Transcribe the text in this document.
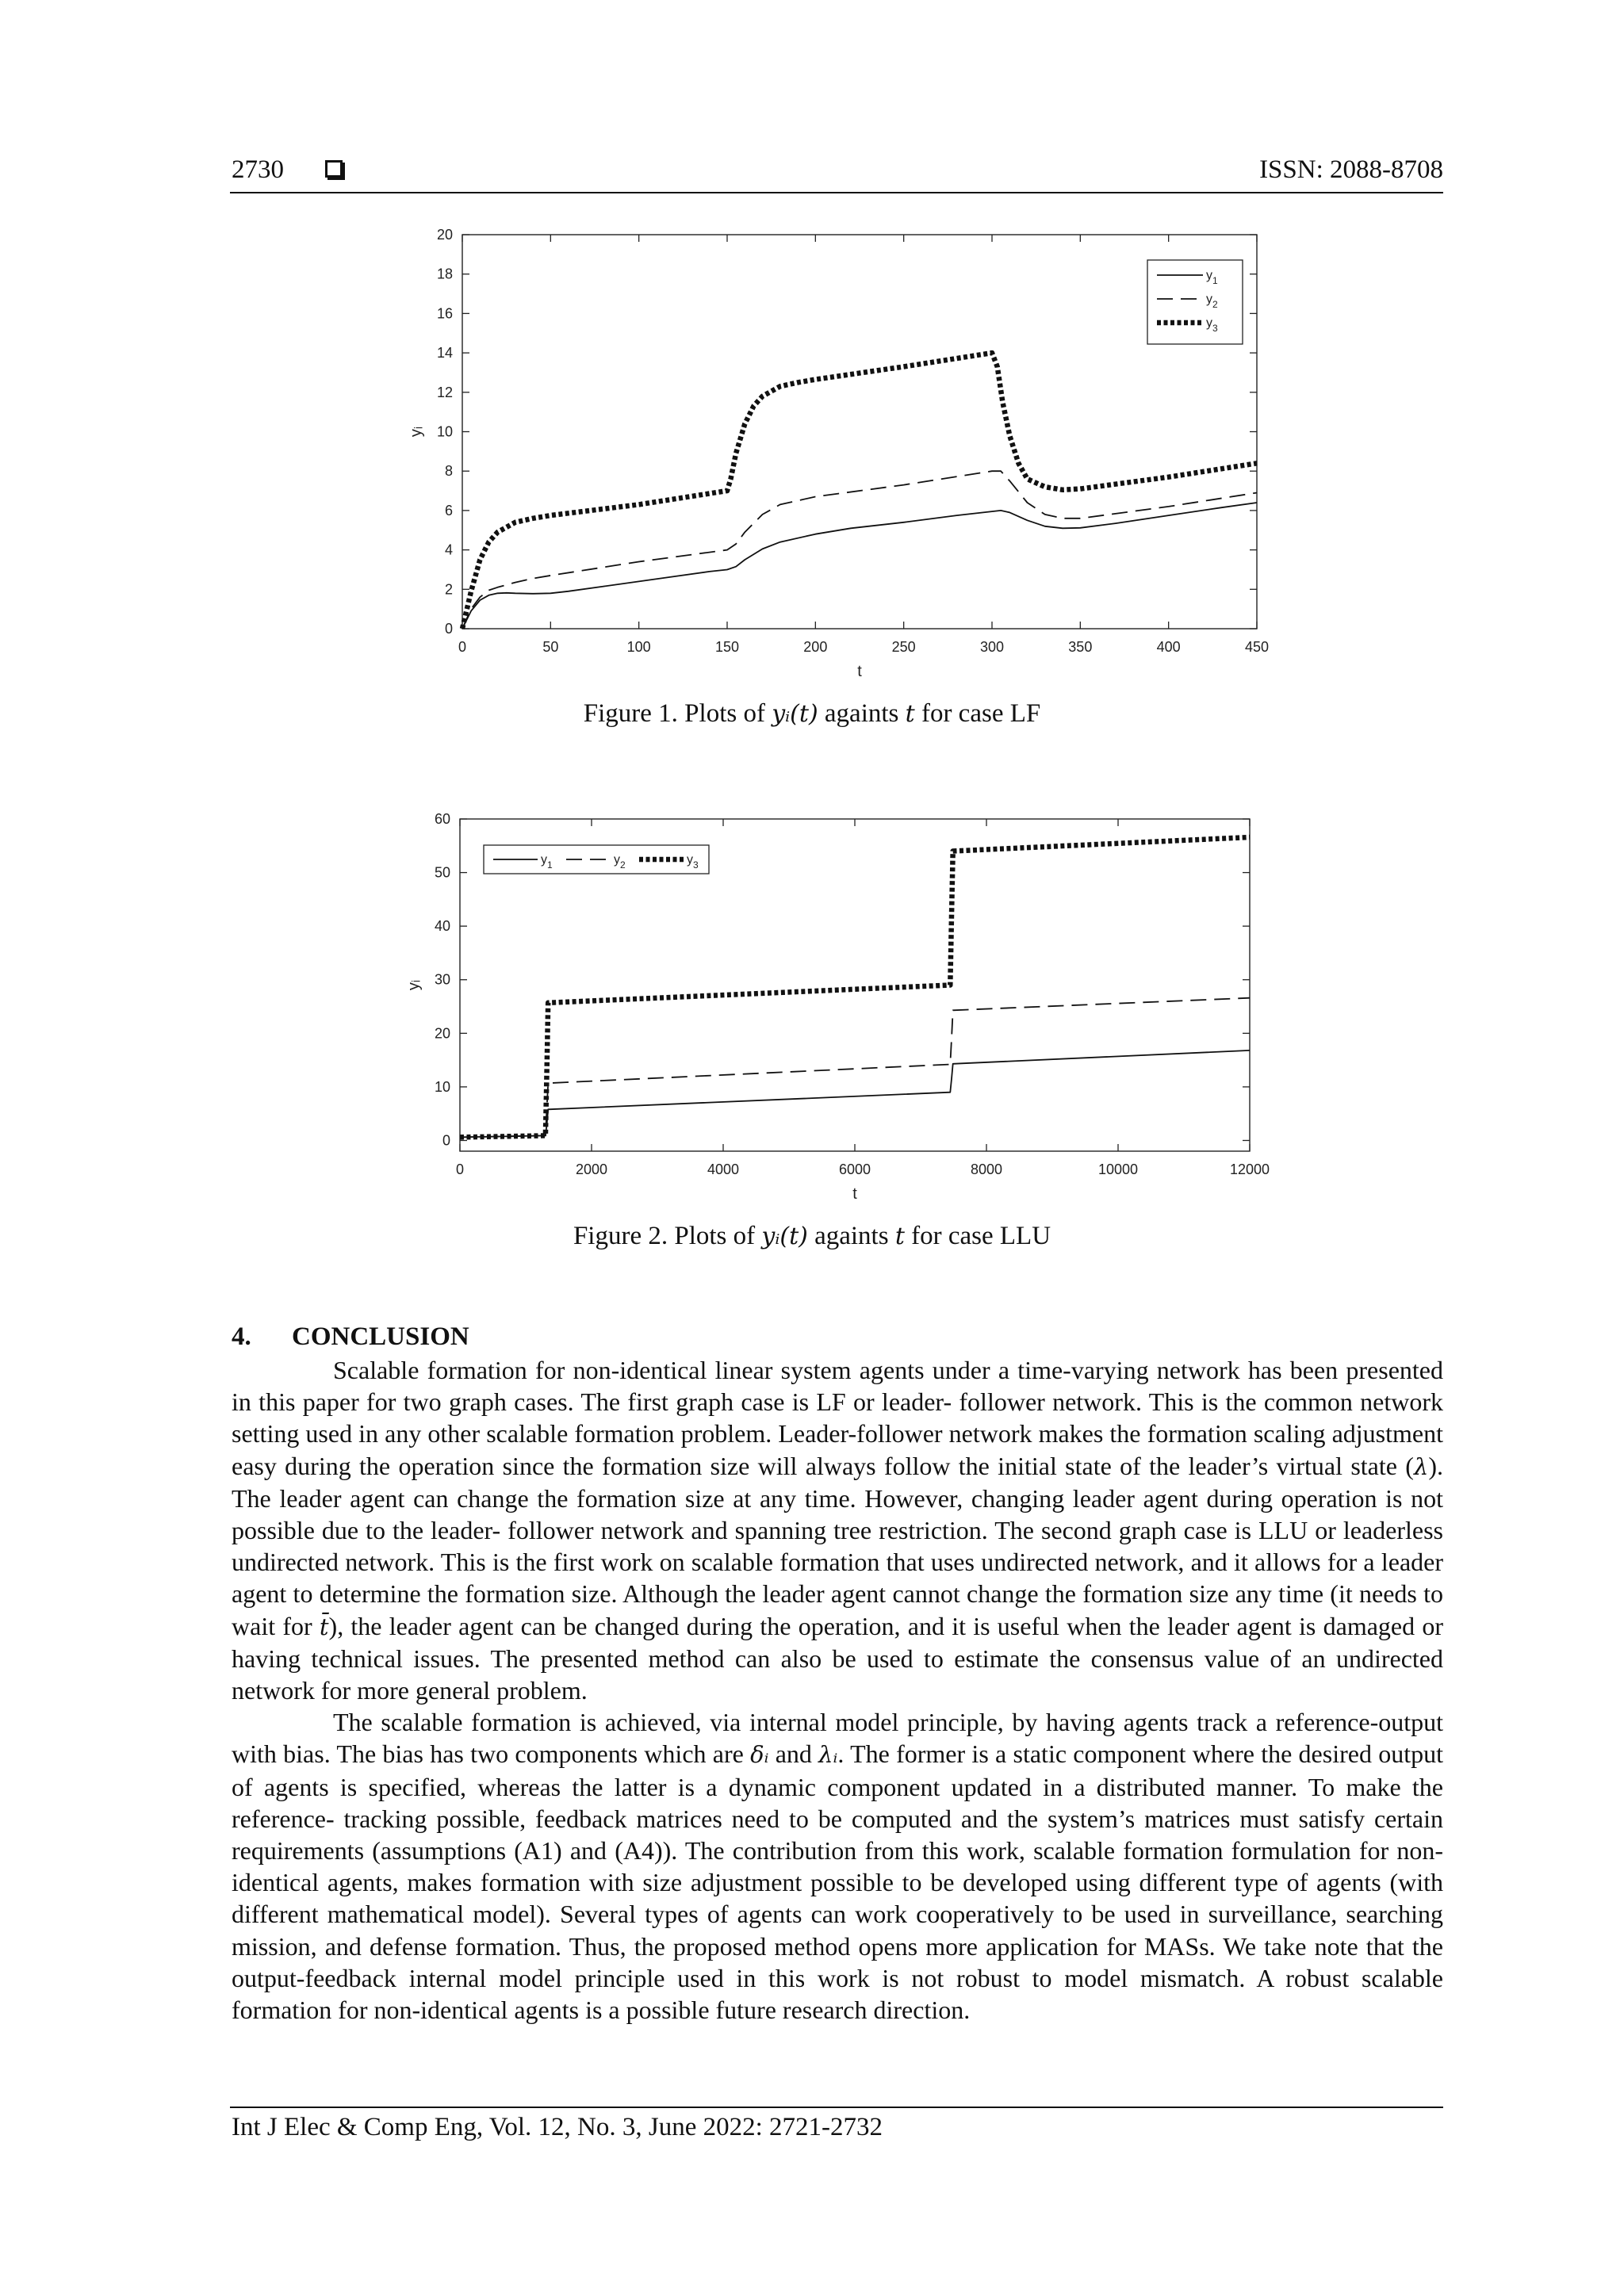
2730	ISSN: 2088-8708
0	50	100	150	200	250	300	350	400	450
0
2
4
6
8
10
12
14
16
18
20
t
yᵢ
$y_1$
$y_2$
$y_3$
0	2000	4000	6000	8000	10000	12000
0
10
20
30
40
50
60
t
yᵢ
$y_1$	$y_2$	$y_3$
Figure 1. Plots of yᵢ(t) againts t for case LF
Figure 2. Plots of yᵢ(t) againts t for case LLU
4. CONCLUSION

Scalable formation for non-identical linear system agents under a time-varying network has been presented in this paper for two graph cases. The first graph case is LF or leader- follower network. This is the common network setting used in any other scalable formation problem. Leader-follower network makes the formation scaling adjustment easy during the operation since the formation size will always follow the initial state of the leader’s virtual state (λ). The leader agent can change the formation size at any time. However, changing leader agent during operation is not possible due to the leader- follower network and spanning tree restriction. The second graph case is LLU or leaderless undirected network. This is the first work on scalable formation that uses undirected network, and it allows for a leader agent to determine the formation size. Although the leader agent cannot change the formation size any time (it needs to wait for t̄), the leader agent can be changed during the operation, and it is useful when the leader agent is damaged or having technical issues. The presented method can also be used to estimate the consensus value of an undirected network for more general problem.

The scalable formation is achieved, via internal model principle, by having agents track a reference-output with bias. The bias has two components which are δᵢ and λᵢ. The former is a static component where the desired output of agents is specified, whereas the latter is a dynamic component updated in a distributed manner. To make the reference- tracking possible, feedback matrices need to be computed and the system’s matrices must satisfy certain requirements (assumptions (A1) and (A4)). The contribution from this work, scalable formation formulation for non- identical agents, makes formation with size adjustment possible to be developed using different type of agents (with different mathematical model). Several types of agents can work cooperatively to be used in surveillance, searching mission, and defense formation. Thus, the proposed method opens more application for MASs. We take note that the output-feedback internal model principle used in this work is not robust to model mismatch. A robust scalable formation for non-identical agents is a possible future research direction.

Int J Elec & Comp Eng, Vol. 12, No. 3, June 2022: 2721-2732
